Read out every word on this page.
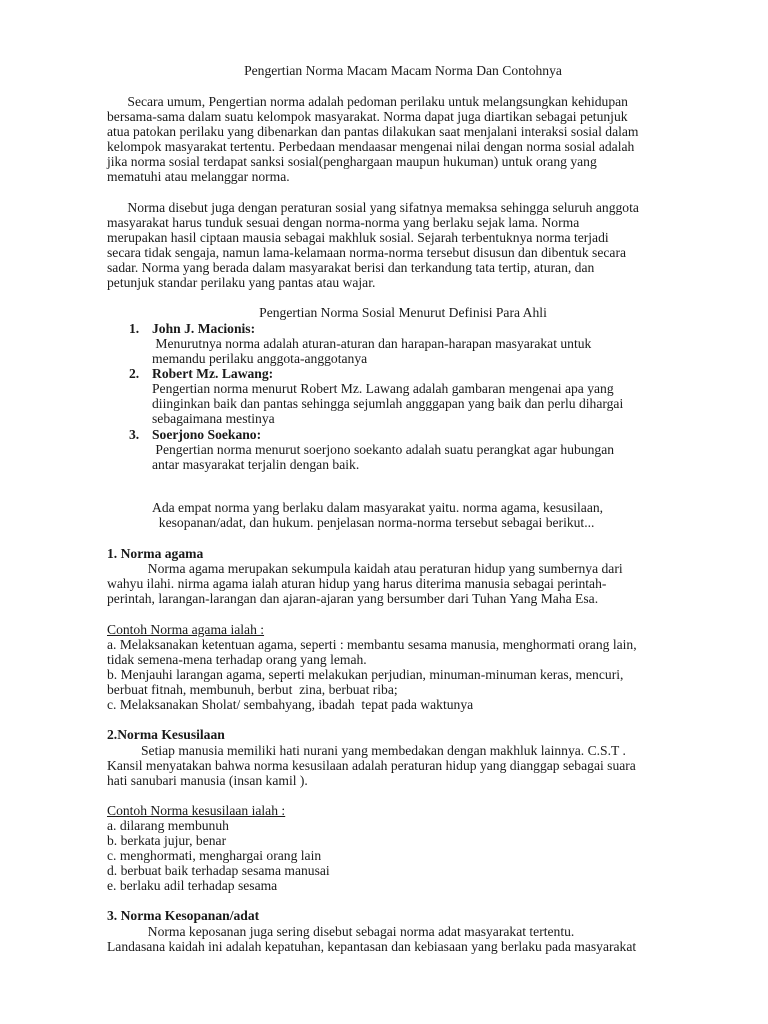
Pengertian Norma Macam Macam Norma Dan Contohnya
Secara umum, Pengertian norma adalah pedoman perilaku untuk melangsungkan kehidupan
bersama-sama dalam suatu kelompok masyarakat. Norma dapat juga diartikan sebagai petunjuk
atua patokan perilaku yang dibenarkan dan pantas dilakukan saat menjalani interaksi sosial dalam
kelompok masyarakat tertentu. Perbedaan mendaasar mengenai nilai dengan norma sosial adalah
jika norma sosial terdapat sanksi sosial(penghargaan maupun hukuman) untuk orang yang
mematuhi atau melanggar norma.
Norma disebut juga dengan peraturan sosial yang sifatnya memaksa sehingga seluruh anggota
masyarakat harus tunduk sesuai dengan norma-norma yang berlaku sejak lama. Norma
merupakan hasil ciptaan mausia sebagai makhluk sosial. Sejarah terbentuknya norma terjadi
secara tidak sengaja, namun lama-kelamaan norma-norma tersebut disusun dan dibentuk secara
sadar. Norma yang berada dalam masyarakat berisi dan terkandung tata tertip, aturan, dan
petunjuk standar perilaku yang pantas atau wajar.
Pengertian Norma Sosial Menurut Definisi Para Ahli
1. John J. Macionis:
Menurutnya norma adalah aturan-aturan dan harapan-harapan masyarakat untuk
memandu perilaku anggota-anggotanya
2. Robert Mz. Lawang:
Pengertian norma menurut Robert Mz. Lawang adalah gambaran mengenai apa yang
diinginkan baik dan pantas sehingga sejumlah angggapan yang baik dan perlu dihargai
sebagaimana mestinya
3. Soerjono Soekano:
Pengertian norma menurut soerjono soekanto adalah suatu perangkat agar hubungan
antar masyarakat terjalin dengan baik.
Ada empat norma yang berlaku dalam masyarakat yaitu. norma agama, kesusilaan,
kesopanan/adat, dan hukum. penjelasan norma-norma tersebut sebagai berikut...
1. Norma agama
Norma agama merupakan sekumpula kaidah atau peraturan hidup yang sumbernya dari
wahyu ilahi. nirma agama ialah aturan hidup yang harus diterima manusia sebagai perintah-
perintah, larangan-larangan dan ajaran-ajaran yang bersumber dari Tuhan Yang Maha Esa.
Contoh Norma agama ialah :
a. Melaksanakan ketentuan agama, seperti : membantu sesama manusia, menghormati orang lain,
tidak semena-mena terhadap orang yang lemah.
b. Menjauhi larangan agama, seperti melakukan perjudian, minuman-minuman keras, mencuri,
berbuat fitnah, membunuh, berbut  zina, berbuat riba;
c. Melaksanakan Sholat/ sembahyang, ibadah  tepat pada waktunya
2.Norma Kesusilaan
Setiap manusia memiliki hati nurani yang membedakan dengan makhluk lainnya. C.S.T .
Kansil menyatakan bahwa norma kesusilaan adalah peraturan hidup yang dianggap sebagai suara
hati sanubari manusia (insan kamil ).
Contoh Norma kesusilaan ialah :
a. dilarang membunuh
b. berkata jujur, benar
c. menghormati, menghargai orang lain
d. berbuat baik terhadap sesama manusai
e. berlaku adil terhadap sesama
3. Norma Kesopanan/adat
Norma keposanan juga sering disebut sebagai norma adat masyarakat tertentu.
Landasana kaidah ini adalah kepatuhan, kepantasan dan kebiasaan yang berlaku pada masyarakat
